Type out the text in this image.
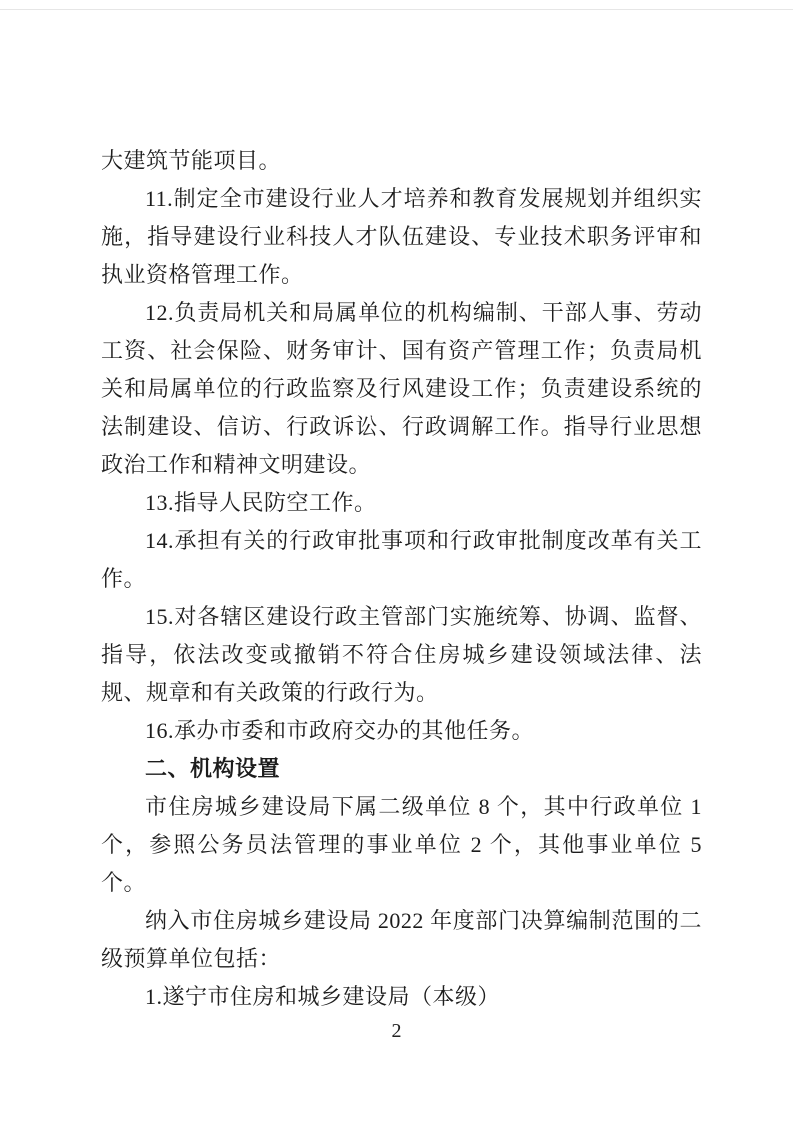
大建筑节能项目。

11.制定全市建设行业人才培养和教育发展规划并组织实施，指导建设行业科技人才队伍建设、专业技术职务评审和执业资格管理工作。

12.负责局机关和局属单位的机构编制、干部人事、劳动工资、社会保险、财务审计、国有资产管理工作；负责局机关和局属单位的行政监察及行风建设工作；负责建设系统的法制建设、信访、行政诉讼、行政调解工作。指导行业思想政治工作和精神文明建设。

13.指导人民防空工作。

14.承担有关的行政审批事项和行政审批制度改革有关工作。

15.对各辖区建设行政主管部门实施统筹、协调、监督、指导，依法改变或撤销不符合住房城乡建设领域法律、法规、规章和有关政策的行政行为。

16.承办市委和市政府交办的其他任务。

二、机构设置

市住房城乡建设局下属二级单位 8 个，其中行政单位 1 个，参照公务员法管理的事业单位 2 个，其他事业单位 5 个。

纳入市住房城乡建设局 2022 年度部门决算编制范围的二级预算单位包括：

1.遂宁市住房和城乡建设局（本级）

2
